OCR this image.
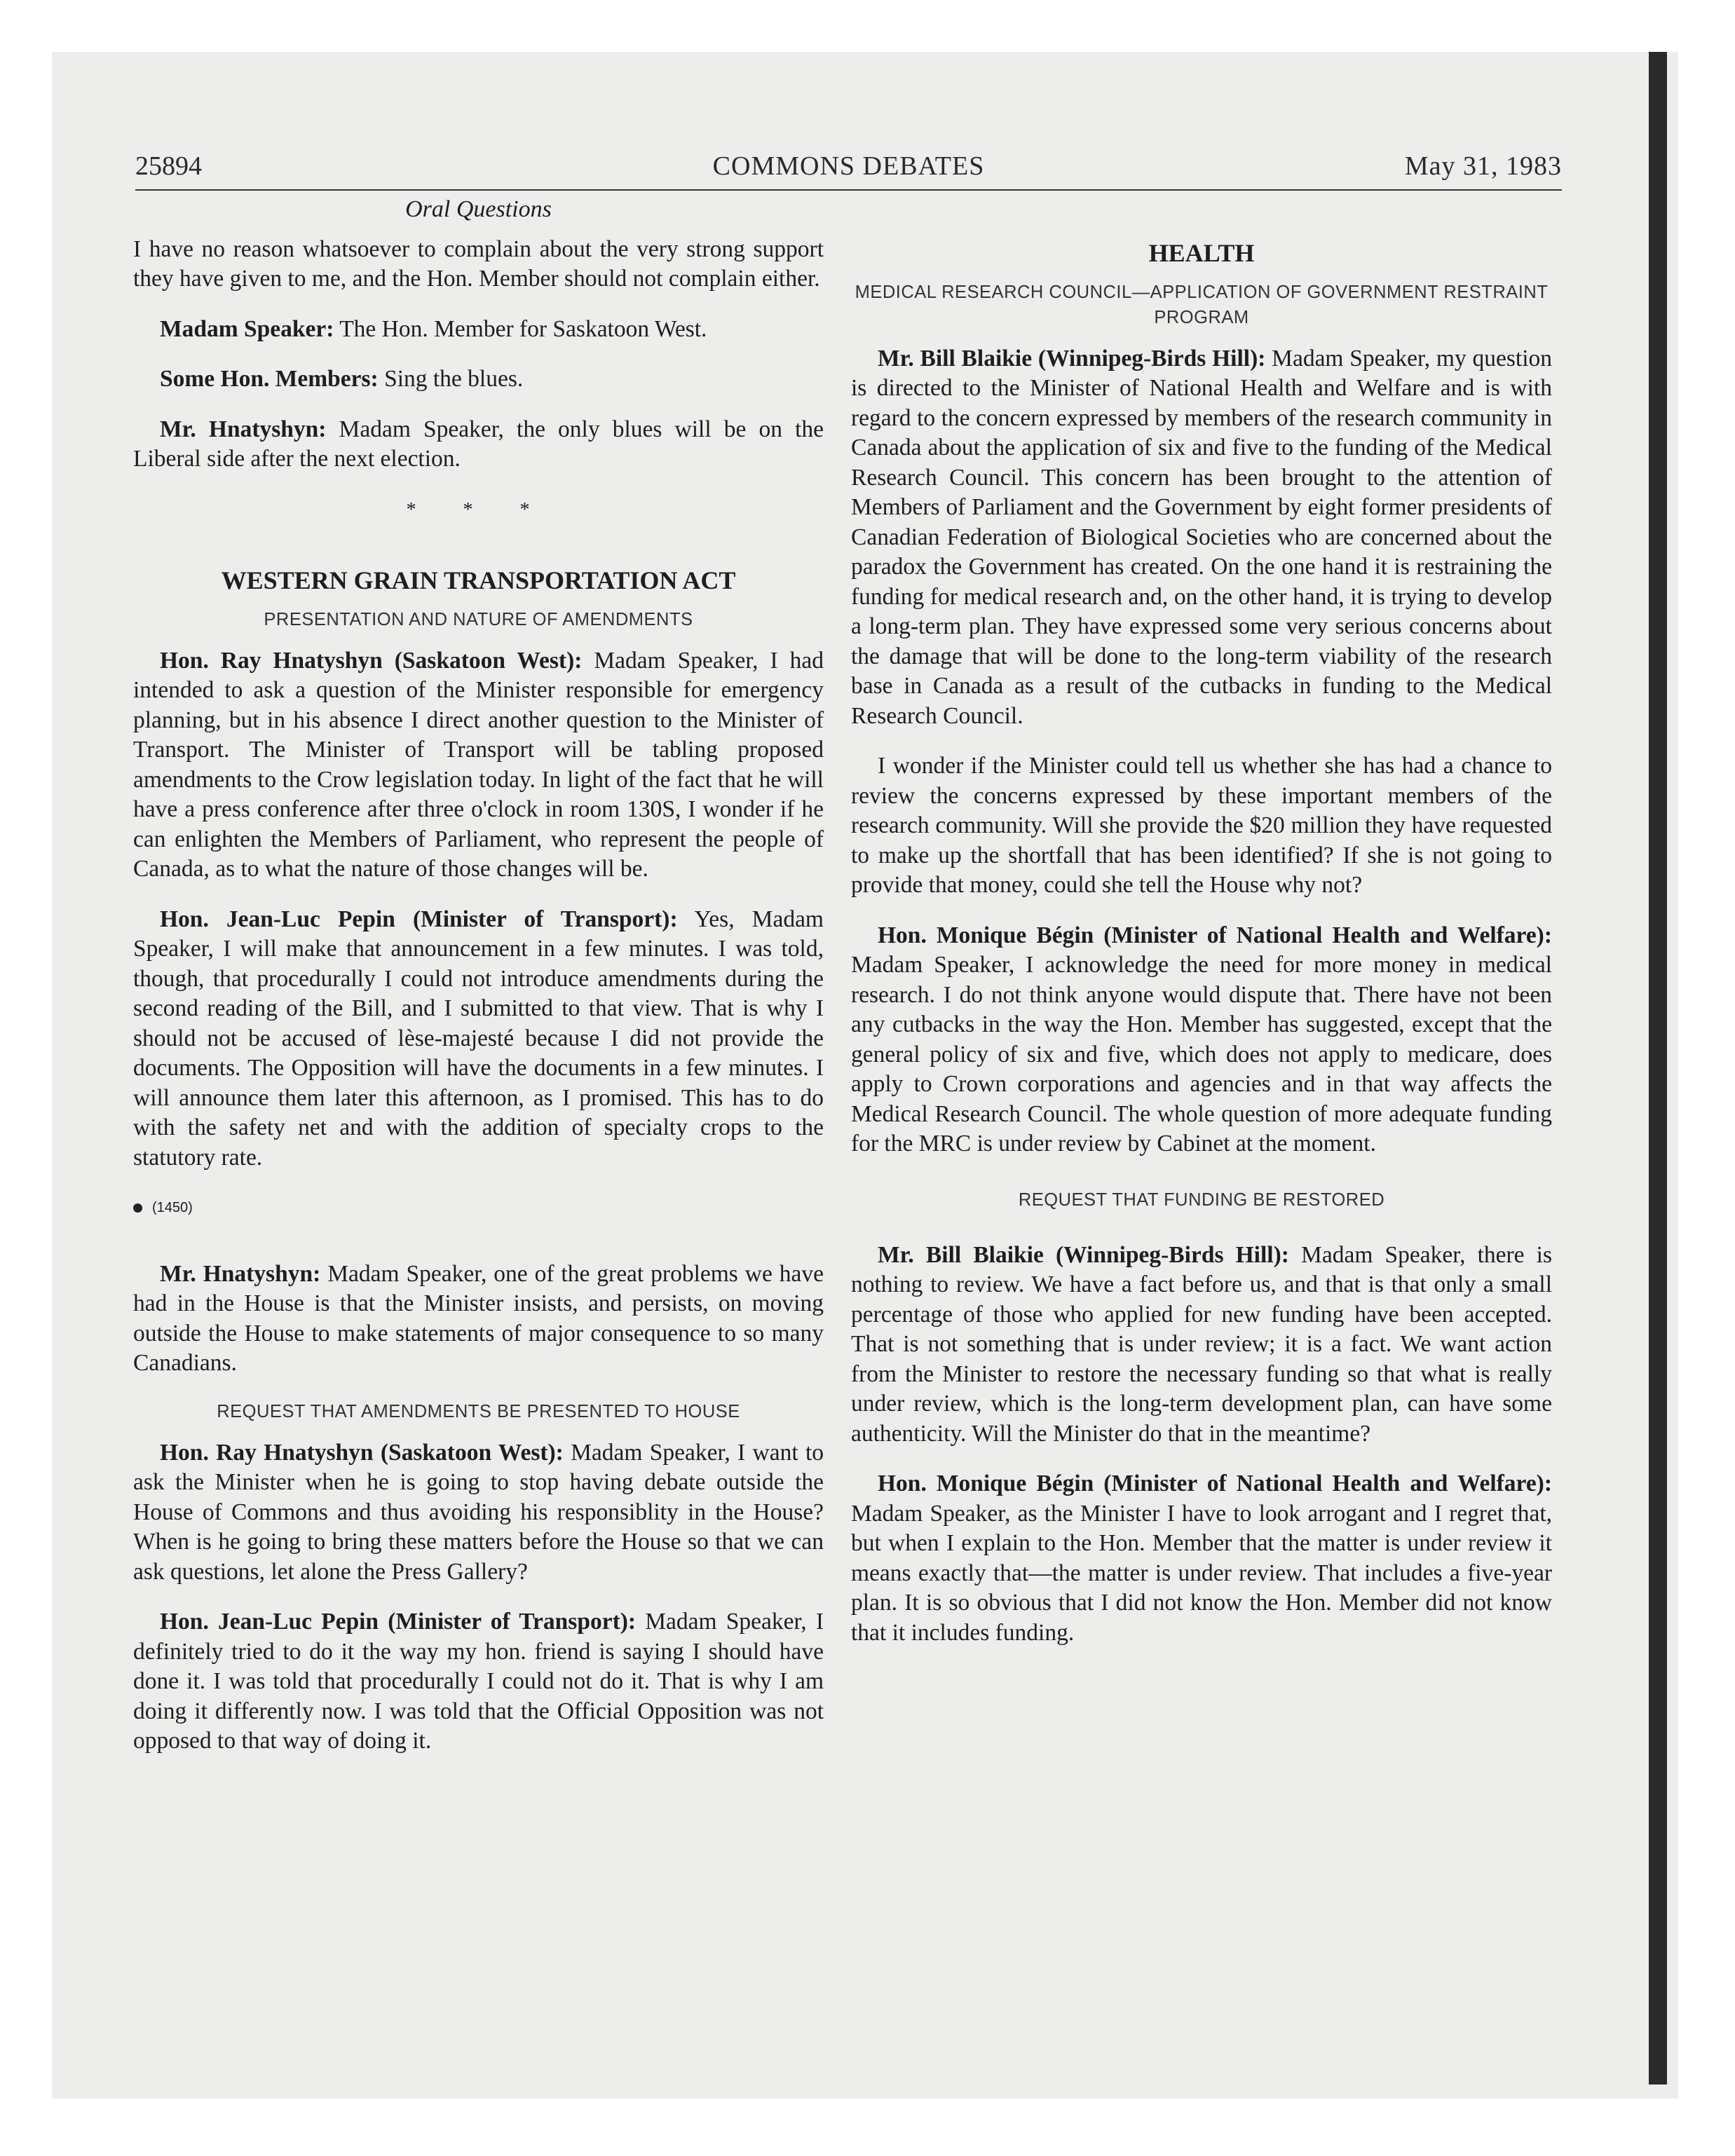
25894	COMMONS DEBATES	May 31, 1983
Oral Questions

I have no reason whatsoever to complain about the very strong support they have given to me, and the Hon. Member should not complain either.

Madam Speaker: The Hon. Member for Saskatoon West.

Some Hon. Members: Sing the blues.

Mr. Hnatyshyn: Madam Speaker, the only blues will be on the Liberal side after the next election.

* * *
WESTERN GRAIN TRANSPORTATION ACT
PRESENTATION AND NATURE OF AMENDMENTS

Hon. Ray Hnatyshyn (Saskatoon West): Madam Speaker, I had intended to ask a question of the Minister responsible for emergency planning, but in his absence I direct another question to the Minister of Transport. The Minister of Transport will be tabling proposed amendments to the Crow legislation today. In light of the fact that he will have a press conference after three o'clock in room 130S, I wonder if he can enlighten the Members of Parliament, who represent the people of Canada, as to what the nature of those changes will be.

Hon. Jean-Luc Pepin (Minister of Transport): Yes, Madam Speaker, I will make that announcement in a few minutes. I was told, though, that procedurally I could not introduce amendments during the second reading of the Bill, and I submitted to that view. That is why I should not be accused of lèse-majesté because I did not provide the documents. The Opposition will have the documents in a few minutes. I will announce them later this afternoon, as I promised. This has to do with the safety net and with the addition of specialty crops to the statutory rate.

(1450)

Mr. Hnatyshyn: Madam Speaker, one of the great problems we have had in the House is that the Minister insists, and persists, on moving outside the House to make statements of major consequence to so many Canadians.

REQUEST THAT AMENDMENTS BE PRESENTED TO HOUSE

Hon. Ray Hnatyshyn (Saskatoon West): Madam Speaker, I want to ask the Minister when he is going to stop having debate outside the House of Commons and thus avoiding his responsiblity in the House? When is he going to bring these matters before the House so that we can ask questions, let alone the Press Gallery?

Hon. Jean-Luc Pepin (Minister of Transport): Madam Speaker, I definitely tried to do it the way my hon. friend is saying I should have done it. I was told that procedurally I could not do it. That is why I am doing it differently now. I was told that the Official Opposition was not opposed to that way of doing it.

HEALTH
MEDICAL RESEARCH COUNCIL—APPLICATION OF GOVERNMENT RESTRAINT PROGRAM

Mr. Bill Blaikie (Winnipeg-Birds Hill): Madam Speaker, my question is directed to the Minister of National Health and Welfare and is with regard to the concern expressed by members of the research community in Canada about the application of six and five to the funding of the Medical Research Council. This concern has been brought to the attention of Members of Parliament and the Government by eight former presidents of Canadian Federation of Biological Societies who are concerned about the paradox the Government has created. On the one hand it is restraining the funding for medical research and, on the other hand, it is trying to develop a long-term plan. They have expressed some very serious concerns about the damage that will be done to the long-term viability of the research base in Canada as a result of the cutbacks in funding to the Medical Research Council.

I wonder if the Minister could tell us whether she has had a chance to review the concerns expressed by these important members of the research community. Will she provide the $20 million they have requested to make up the shortfall that has been identified? If she is not going to provide that money, could she tell the House why not?

Hon. Monique Bégin (Minister of National Health and Welfare): Madam Speaker, I acknowledge the need for more money in medical research. I do not think anyone would dispute that. There have not been any cutbacks in the way the Hon. Member has suggested, except that the general policy of six and five, which does not apply to medicare, does apply to Crown corporations and agencies and in that way affects the Medical Research Council. The whole question of more adequate funding for the MRC is under review by Cabinet at the moment.

REQUEST THAT FUNDING BE RESTORED

Mr. Bill Blaikie (Winnipeg-Birds Hill): Madam Speaker, there is nothing to review. We have a fact before us, and that is that only a small percentage of those who applied for new funding have been accepted. That is not something that is under review; it is a fact. We want action from the Minister to restore the necessary funding so that what is really under review, which is the long-term development plan, can have some authenticity. Will the Minister do that in the meantime?

Hon. Monique Bégin (Minister of National Health and Welfare): Madam Speaker, as the Minister I have to look arrogant and I regret that, but when I explain to the Hon. Member that the matter is under review it means exactly that—the matter is under review. That includes a five-year plan. It is so obvious that I did not know the Hon. Member did not know that it includes funding.
